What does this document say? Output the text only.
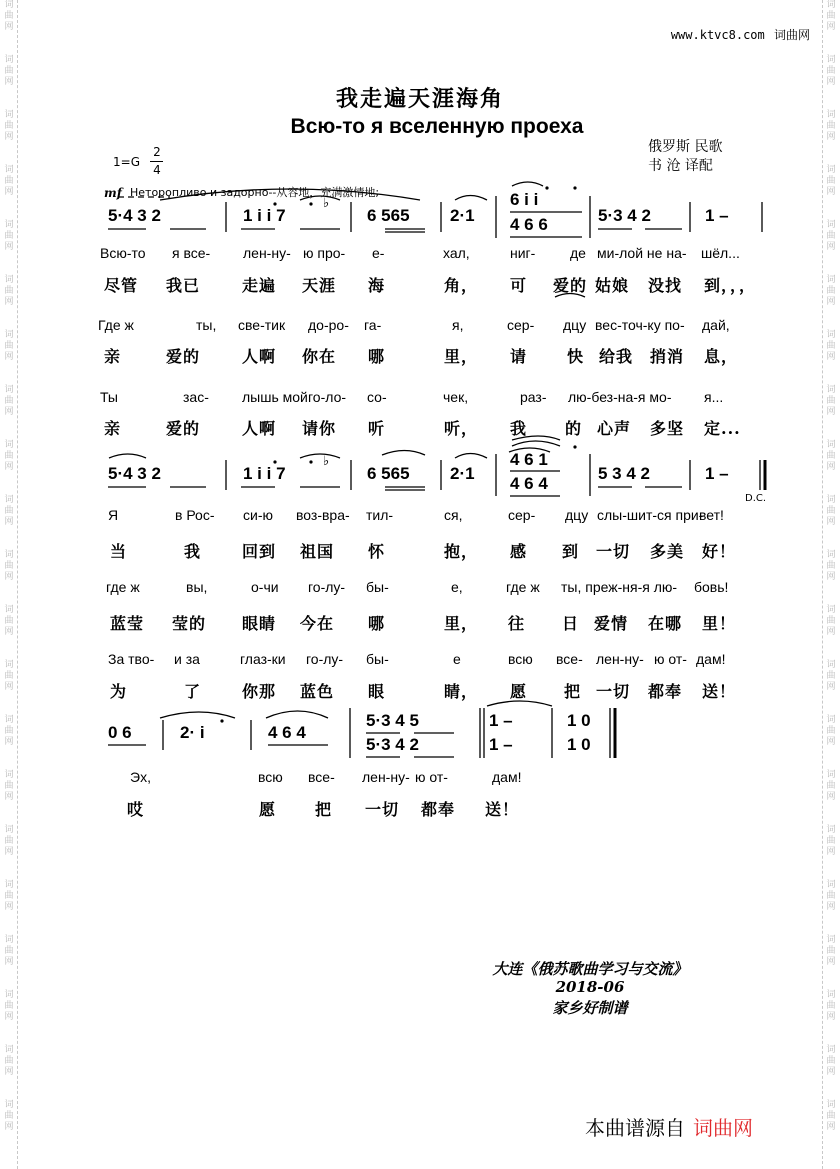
词
曲
网
词
曲
网
词
曲
网
词
曲
网
词
曲
网
词
曲
网
词
曲
网
词
曲
网
词
曲
网
词
曲
网
词
曲
网
词
曲
网
词
曲
网
词
曲
网
词
曲
网
词
曲
网
词
曲
网
词
曲
网
词
曲
网
词
曲
网
词
曲
网
词
曲
网
词
曲
网
词
曲
网
词
曲
网
词
曲
网
词
曲
网
词
曲
网
词
曲
网
词
曲
网
词
曲
网
词
曲
网
词
曲
网
词
曲
网
词
曲
网
词
曲
网
词
曲
网
词
曲
网
词
曲
网
词
曲
网
词
曲
网
词
曲
网
www.ktvc8.com 词曲网
我走遍天涯海角
Всю-то я вселенную проеха
俄罗斯 民歌
书 沧 译配
1=G
2
4
mf Неторопливо и задорно--从容地，充满激情地;
5·4 3 2	1 i i 7
♭
6 565 2·1
6 i i
4 6 6	5·3 4 2	1 –
5·4 3 2	1 i i 7
♭
6 565 2·1
4 6 1
4 6 4
5 3 4 2	1 –
D.C.
0 6	2· i	4 6 4
5·3 4 5
5·3 4 2
1 –
1 –
1 0
1 0
Всю-то я все- лен-ну- ю про- е-	хал,	ниг- де ми-лой не на- шёл...
尽管 我已	走遍 天涯 海	角， 可 爱的 姑娘 没找 到，，，
Где ж	ты, све-тик до-ро- га-	я,	сер- дцу вес-точ-ку по- дай,
亲	爱的	人啊 你在 哪	里， 请 快 给我 捎消 息，
Ты	зас- лышь мой го-ло- со-	чек,	раз- лю-без-на-я мо- я...
亲	爱的	人啊 请你 听	听， 我 的 心声 多坚 定...
Я	в Рос- си-ю воз-вра- тил-	ся,	сер- дцу слы-шит-ся при-
вет!
当	我	回到 祖国 怀	抱， 感 到 一切 多美 好！
где ж	вы,	о-чи го-лу- бы-	е,	где ж ты, преж-ня-я лю- бовь!
蓝莹 莹的 眼睛 今在 哪	里， 往 日 爱情 在哪 里！
За тво- и за	глаз-ки го-лу- бы-	е	всю все- лен-ну- ю от- дам!
为	了	你那 蓝色 眼	睛， 愿 把 一切 都奉 送！
Эх,	всю все- лен-ну- ю от-	дам!
哎	愿 把 一切 都奉 送！
大连《俄苏歌曲学习与交流》
2018-06
家乡好制谱
本曲谱源自 词曲网
